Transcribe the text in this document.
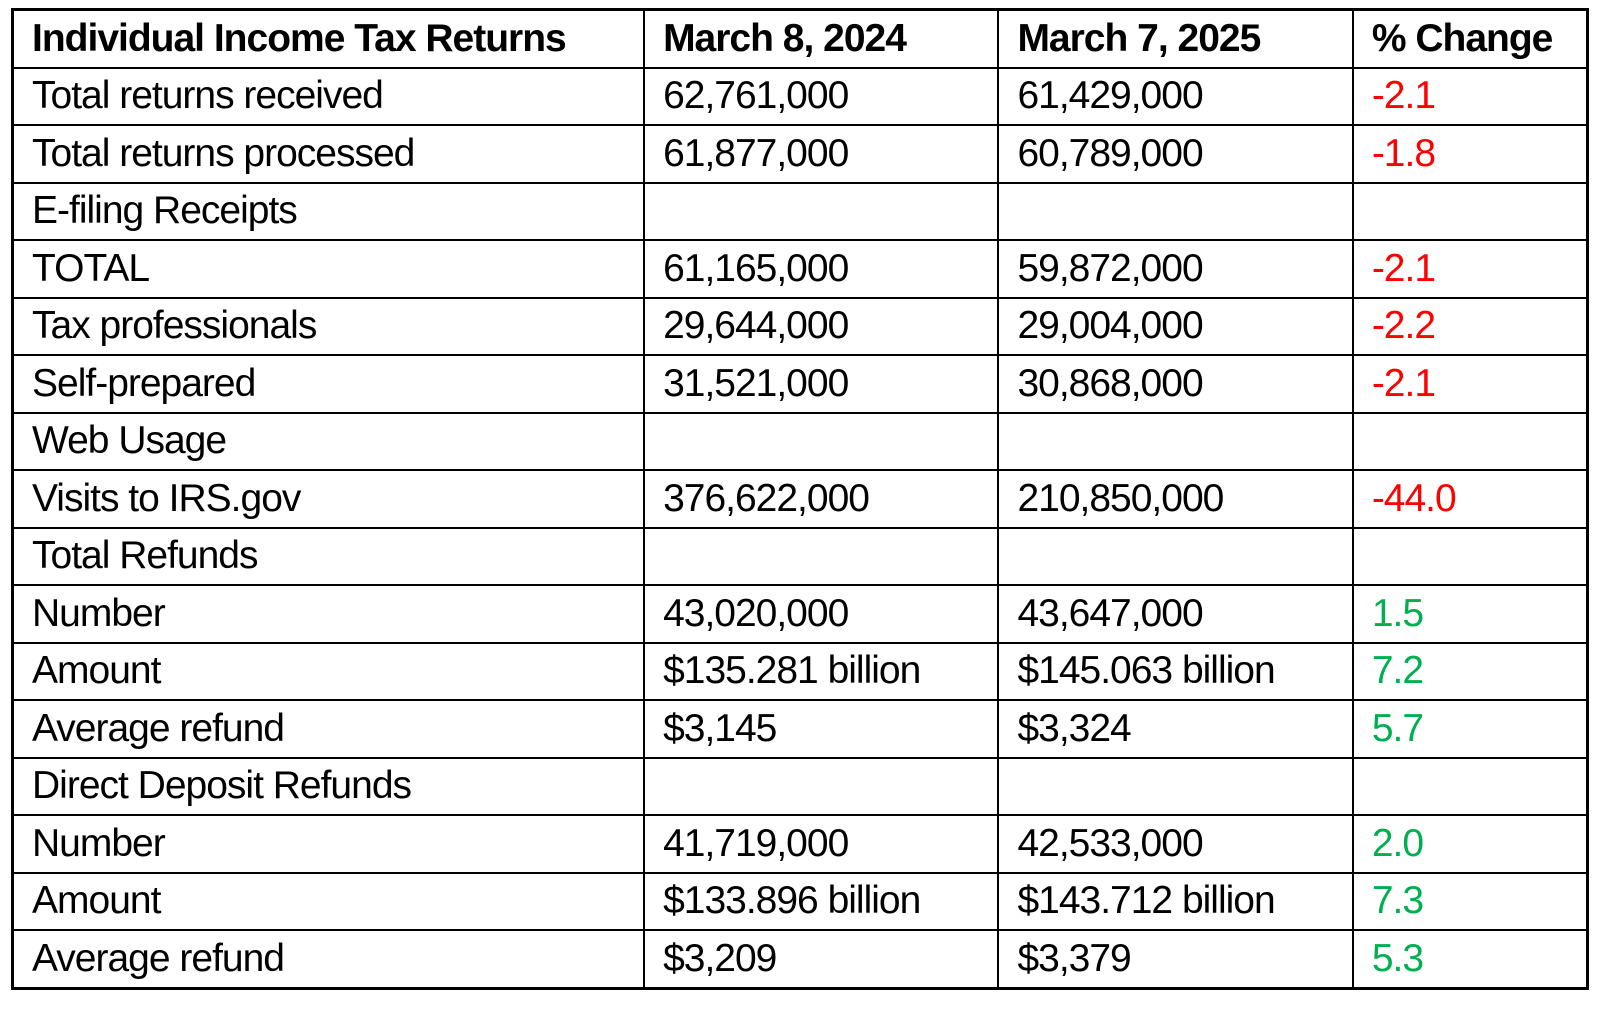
Individual Income Tax Returns	March 8, 2024	March 7, 2025	% Change
Total returns received	62,761,000	61,429,000	-2.1
Total returns processed	61,877,000	60,789,000	-1.8
E-filing Receipts			
TOTAL	61,165,000	59,872,000	-2.1
Tax professionals	29,644,000	29,004,000	-2.2
Self-prepared	31,521,000	30,868,000	-2.1
Web Usage			
Visits to IRS.gov	376,622,000	210,850,000	-44.0
Total Refunds			
Number	43,020,000	43,647,000	1.5
Amount	$135.281 billion	$145.063 billion	7.2
Average refund	$3,145	$3,324	5.7
Direct Deposit Refunds			
Number	41,719,000	42,533,000	2.0
Amount	$133.896 billion	$143.712 billion	7.3
Average refund	$3,209	$3,379	5.3
